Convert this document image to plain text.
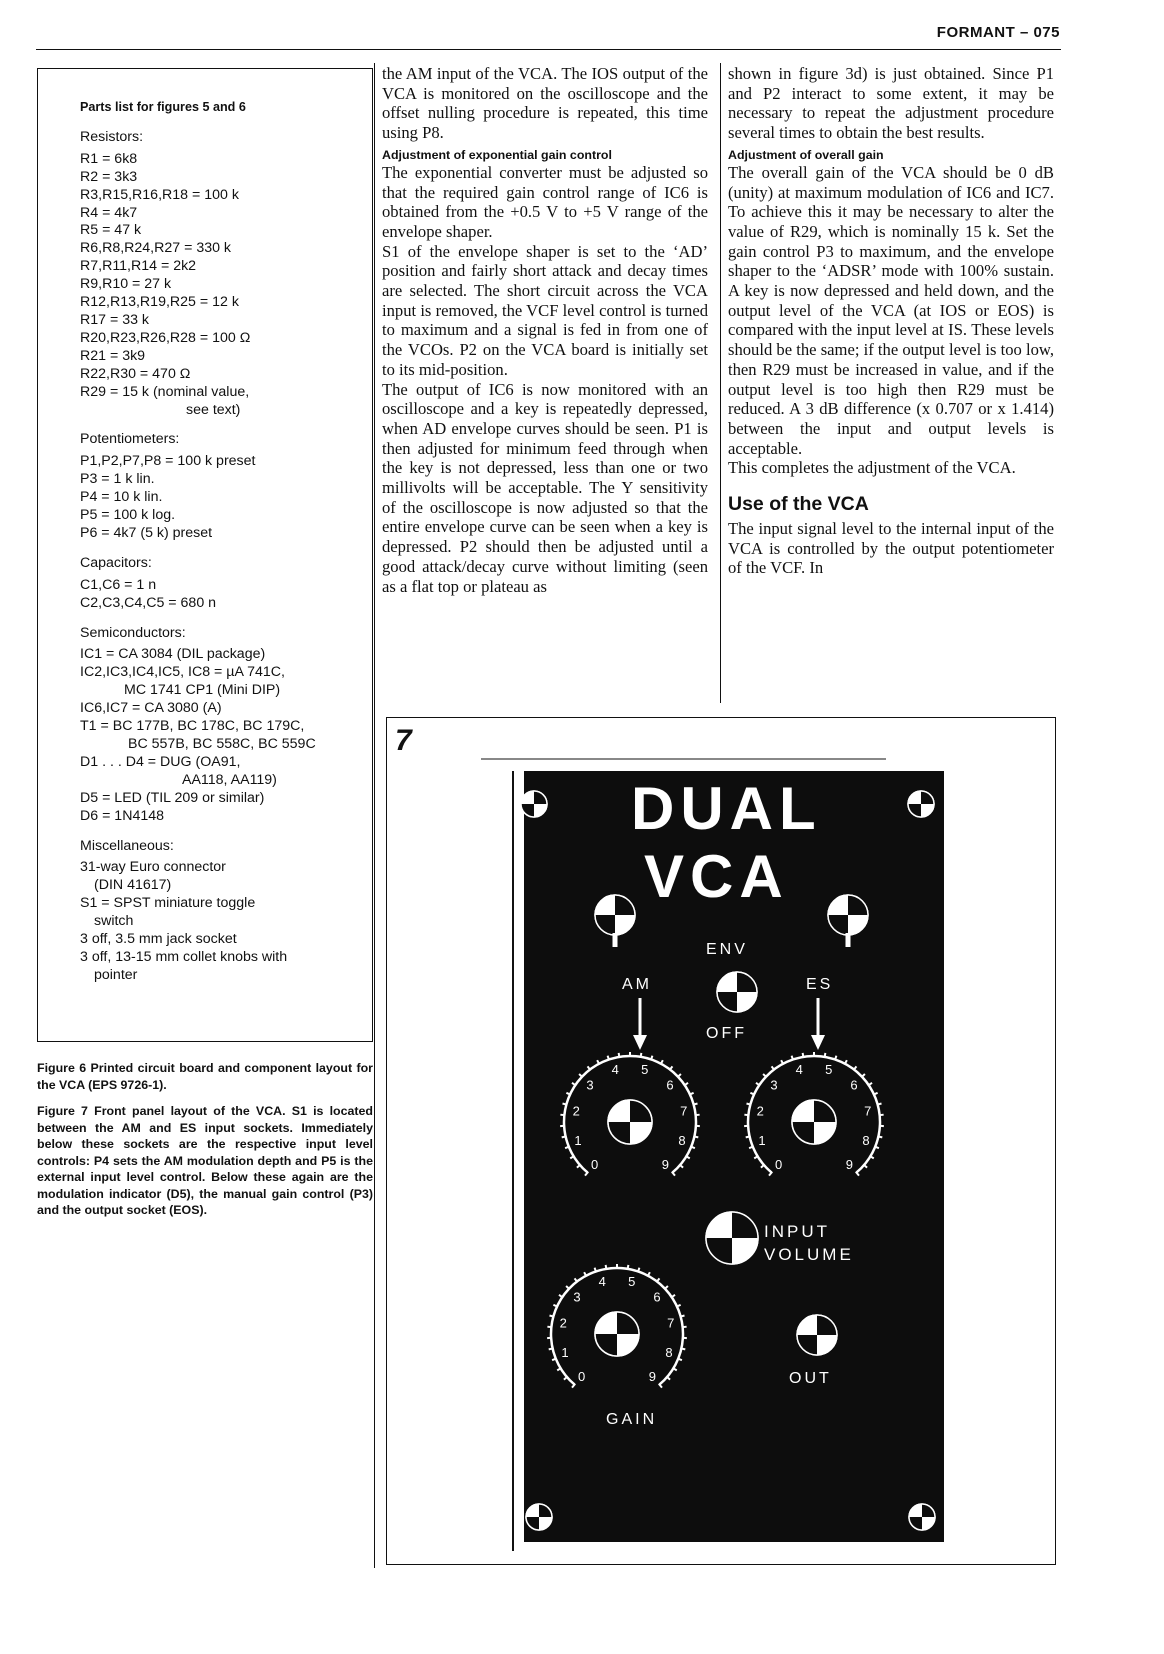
FORMANT – 075
Parts list for figures 5 and 6
Resistors:
R1 = 6k8
R2 = 3k3
R3,R15,R16,R18 = 100 k
R4 = 4k7
R5 = 47 k
R6,R8,R24,R27 = 330 k
R7,R11,R14 = 2k2
R9,R10 = 27 k
R12,R13,R19,R25 = 12 k
R17 = 33 k
R20,R23,R26,R28 = 100 Ω
R21 = 3k9
R22,R30 = 470 Ω
R29 = 15 k (nominal value,
see text)
Potentiometers:
P1,P2,P7,P8 = 100 k preset
P3 = 1 k lin.
P4 = 10 k lin.
P5 = 100 k log.
P6 = 4k7 (5 k) preset
Capacitors:
C1,C6 = 1 n
C2,C3,C4,C5 = 680 n
Semiconductors:
IC1 = CA 3084 (DIL package)
IC2,IC3,IC4,IC5, IC8 = µA 741C,
MC 1741 CP1 (Mini DIP)
IC6,IC7 = CA 3080 (A)
T1 = BC 177B, BC 178C, BC 179C,
BC 557B, BC 558C, BC 559C
D1 . . . D4 = DUG (OA91,
AA118, AA119)
D5 = LED (TIL 209 or similar)
D6 = 1N4148
Miscellaneous:
31-way Euro connector
(DIN 41617)
S1 = SPST miniature toggle
switch
3 off, 3.5 mm jack socket
3 off, 13-15 mm collet knobs with
pointer

Figure 6 Printed circuit board and component layout for the VCA (EPS 9726-1).

Figure 7 Front panel layout of the VCA. S1 is located between the AM and ES input sockets. Immediately below these sockets are the respective input level controls: P4 sets the AM modulation depth and P5 is the external input level control. Below these again are the modulation indicator (D5), the manual gain control (P3) and the output socket (EOS).

the AM input of the VCA. The IOS output of the VCA is monitored on the oscilloscope and the offset nulling procedure is repeated, this time using P8.

Adjustment of exponential gain control

The exponential converter must be adjusted so that the required gain control range of IC6 is obtained from the +0.5 V to +5 V range of the envelope shaper.

S1 of the envelope shaper is set to the ‘AD’ position and fairly short attack and decay times are selected. The short circuit across the VCA input is removed, the VCF level control is turned to maximum and a signal is fed in from one of the VCOs. P2 on the VCA board is initially set to its mid-position.

The output of IC6 is now monitored with an oscilloscope and a key is repeatedly depressed, when AD envelope curves should be seen. P1 is then adjusted for minimum feed through when the key is not depressed, less than one or two millivolts will be acceptable. The Y sensitivity of the oscilloscope is now adjusted so that the entire envelope curve can be seen when a key is depressed. P2 should then be adjusted until a good attack/decay curve without limiting (seen as a flat top or plateau as

shown in figure 3d) is just obtained. Since P1 and P2 interact to some extent, it may be necessary to repeat the adjustment procedure several times to obtain the best results.

Adjustment of overall gain

The overall gain of the VCA should be 0 dB (unity) at maximum modulation of IC6 and IC7. To achieve this it may be necessary to alter the value of R29, which is nominally 15 k. Set the gain control P3 to maximum, and the envelope shaper to the ‘ADSR’ mode with 100% sustain. A key is now depressed and held down, and the output level of the VCA (at IOS or EOS) is compared with the input level at IS. These levels should be the same; if the output level is too low, then R29 must be increased in value, and if the output level is too high then R29 must be reduced. A 3 dB difference (x 0.707 or x 1.414) between the input and output levels is acceptable.

This completes the adjustment of the VCA.

Use of the VCA

The input signal level to the internal input of the VCA is controlled by the output potentiometer of the VCF. In

7
DUAL
VCA
ENV
OFF
AM	ES
INPUT
VOLUME
OUT
GAIN
0
1
2
3
4 5
6
7
8
9	0
1
2
3
4 5
6
7
8
9
0
1
2
3
4 5
6
7
8
9
